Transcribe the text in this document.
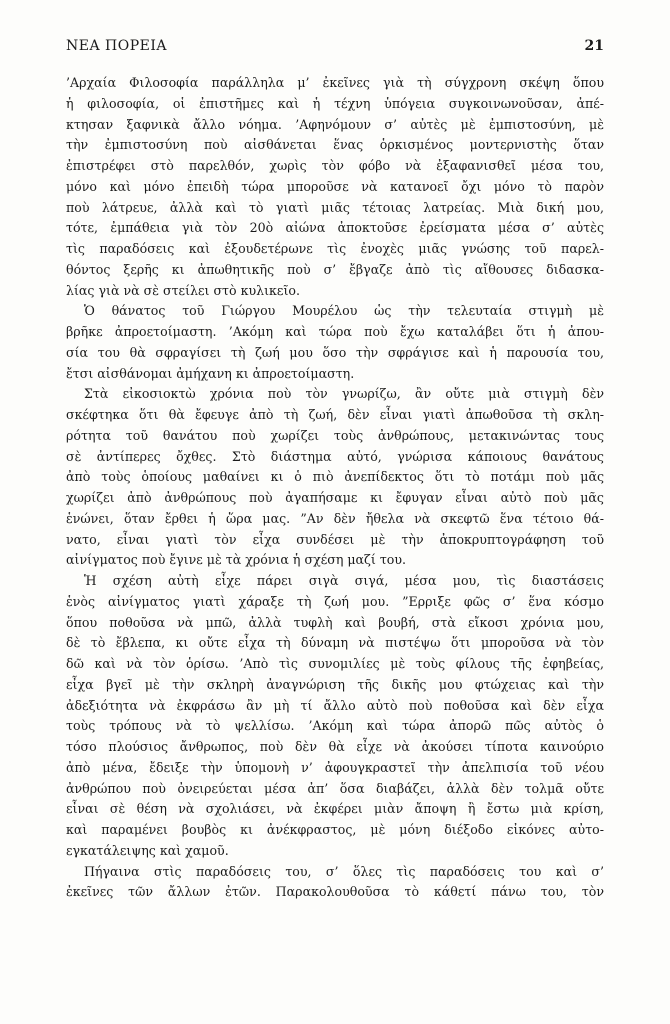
ΝΕΑ ΠΟΡΕΙΑ	21
’Αρχαία Φιλοσοφία παράλληλα μ’ ἐκεῖνες γιὰ τὴ σύγχρονη σκέψη ὅπου
ἡ φιλοσοφία, οἱ ἐπιστῆμες καὶ ἡ τέχνη ὑπόγεια συγκοινωνοῦσαν, ἀπέ-
κτησαν ξαφνικὰ ἄλλο νόημα. ’Αφηνόμουν σ’ αὐτὲς μὲ ἐμπιστοσύνη, μὲ
τὴν ἐμπιστοσύνη ποὺ αἰσθάνεται ἕνας ὁρκισμένος μοντερνιστὴς ὅταν
ἐπιστρέφει στὸ παρελθόν, χωρὶς τὸν φόβο νὰ ἐξαφανισθεῖ μέσα του,
μόνο καὶ μόνο ἐπειδὴ τώρα μποροῦσε νὰ κατανοεῖ ὄχι μόνο τὸ παρὸν
ποὺ λάτρευε, ἀλλὰ καὶ τὸ γιατὶ μιᾶς τέτοιας λατρείας. Μιὰ δική μου,
τότε, ἐμπάθεια γιὰ τὸν 20ὸ αἰώνα ἀποκτοῦσε ἐρείσματα μέσα σ’ αὐτὲς
τὶς παραδόσεις καὶ ἐξουδετέρωνε τὶς ἐνοχὲς μιᾶς γνώσης τοῦ παρελ-
θόντος ξερῆς κι ἀπωθητικῆς ποὺ σ’ ἔβγαζε ἀπὸ τὶς αἴθουσες διδασκα-
λίας γιὰ νὰ σὲ στείλει στὸ κυλικεῖο.
Ὁ θάνατος τοῦ Γιώργου Μουρέλου ὡς τὴν τελευταία στιγμὴ μὲ
βρῆκε ἀπροετοίμαστη. ’Ακόμη καὶ τώρα ποὺ ἔχω καταλάβει ὅτι ἡ ἀπου-
σία του θὰ σφραγίσει τὴ ζωή μου ὅσο τὴν σφράγισε καὶ ἡ παρουσία του,
ἔτσι αἰσθάνομαι ἀμήχανη κι ἀπροετοίμαστη.
Στὰ εἰκοσιοκτὼ χρόνια ποὺ τὸν γνωρίζω, ἂν οὔτε μιὰ στιγμὴ δὲν
σκέφτηκα ὅτι θὰ ἔφευγε ἀπὸ τὴ ζωή, δὲν εἶναι γιατὶ ἀπωθοῦσα τὴ σκλη-
ρότητα τοῦ θανάτου ποὺ χωρίζει τοὺς ἀνθρώπους, μετακινώντας τους
σὲ ἀντίπερες ὄχθες. Στὸ διάστημα αὐτό, γνώρισα κάποιους θανάτους
ἀπὸ τοὺς ὁποίους μαθαίνει κι ὁ πιὸ ἀνεπίδεκτος ὅτι τὸ ποτάμι ποὺ μᾶς
χωρίζει ἀπὸ ἀνθρώπους ποὺ ἀγαπήσαμε κι ἔφυγαν εἶναι αὐτὸ ποὺ μᾶς
ἑνώνει, ὅταν ἔρθει ἡ ὥρα μας. ”Αν δὲν ἤθελα νὰ σκεφτῶ ἕνα τέτοιο θά-
νατο, εἶναι γιατὶ τὸν εἶχα συνδέσει μὲ τὴν ἀποκρυπτογράφηση τοῦ
αἰνίγματος ποὺ ἔγινε μὲ τὰ χρόνια ἡ σχέση μαζί του.
Ἡ σχέση αὐτὴ εἶχε πάρει σιγὰ σιγά, μέσα μου, τὶς διαστάσεις
ἑνὸς αἰνίγματος γιατὶ χάραξε τὴ ζωή μου. ”Ερριξε φῶς σ’ ἕνα κόσμο
ὅπου ποθοῦσα νὰ μπῶ, ἀλλὰ τυφλὴ καὶ βουβή, στὰ εἴκοσι χρόνια μου,
δὲ τὸ ἔβλεπα, κι οὔτε εἶχα τὴ δύναμη νὰ πιστέψω ὅτι μποροῦσα νὰ τὸν
δῶ καὶ νὰ τὸν ὁρίσω. ’Απὸ τὶς συνομιλίες μὲ τοὺς φίλους τῆς ἐφηβείας,
εἶχα βγεῖ μὲ τὴν σκληρὴ ἀναγνώριση τῆς δικῆς μου φτώχειας καὶ τὴν
ἀδεξιότητα νὰ ἐκφράσω ἂν μὴ τί ἄλλο αὐτὸ ποὺ ποθοῦσα καὶ δὲν εἶχα
τοὺς τρόπους νὰ τὸ ψελλίσω. ’Ακόμη καὶ τώρα ἀπορῶ πῶς αὐτὸς ὁ
τόσο πλούσιος ἄνθρωπος, ποὺ δὲν θὰ εἶχε νὰ ἀκούσει τίποτα καινούριο
ἀπὸ μένα, ἔδειξε τὴν ὑπομονὴ ν’ ἀφουγκραστεῖ τὴν ἀπελπισία τοῦ νέου
ἀνθρώπου ποὺ ὀνειρεύεται μέσα ἀπ’ ὅσα διαβάζει, ἀλλὰ δὲν τολμᾶ οὔτε
εἶναι σὲ θέση νὰ σχολιάσει, νὰ ἐκφέρει μιὰν ἄποψη ἢ ἔστω μιὰ κρίση,
καὶ παραμένει βουβὸς κι ἀνέκφραστος, μὲ μόνη διέξοδο εἰκόνες αὐτο-
εγκατάλειψης καὶ χαμοῦ.
Πήγαινα στὶς παραδόσεις του, σ’ ὅλες τὶς παραδόσεις του καὶ σ’
ἐκεῖνες τῶν ἄλλων ἐτῶν. Παρακολουθοῦσα τὸ κάθετί πάνω του, τὸν
